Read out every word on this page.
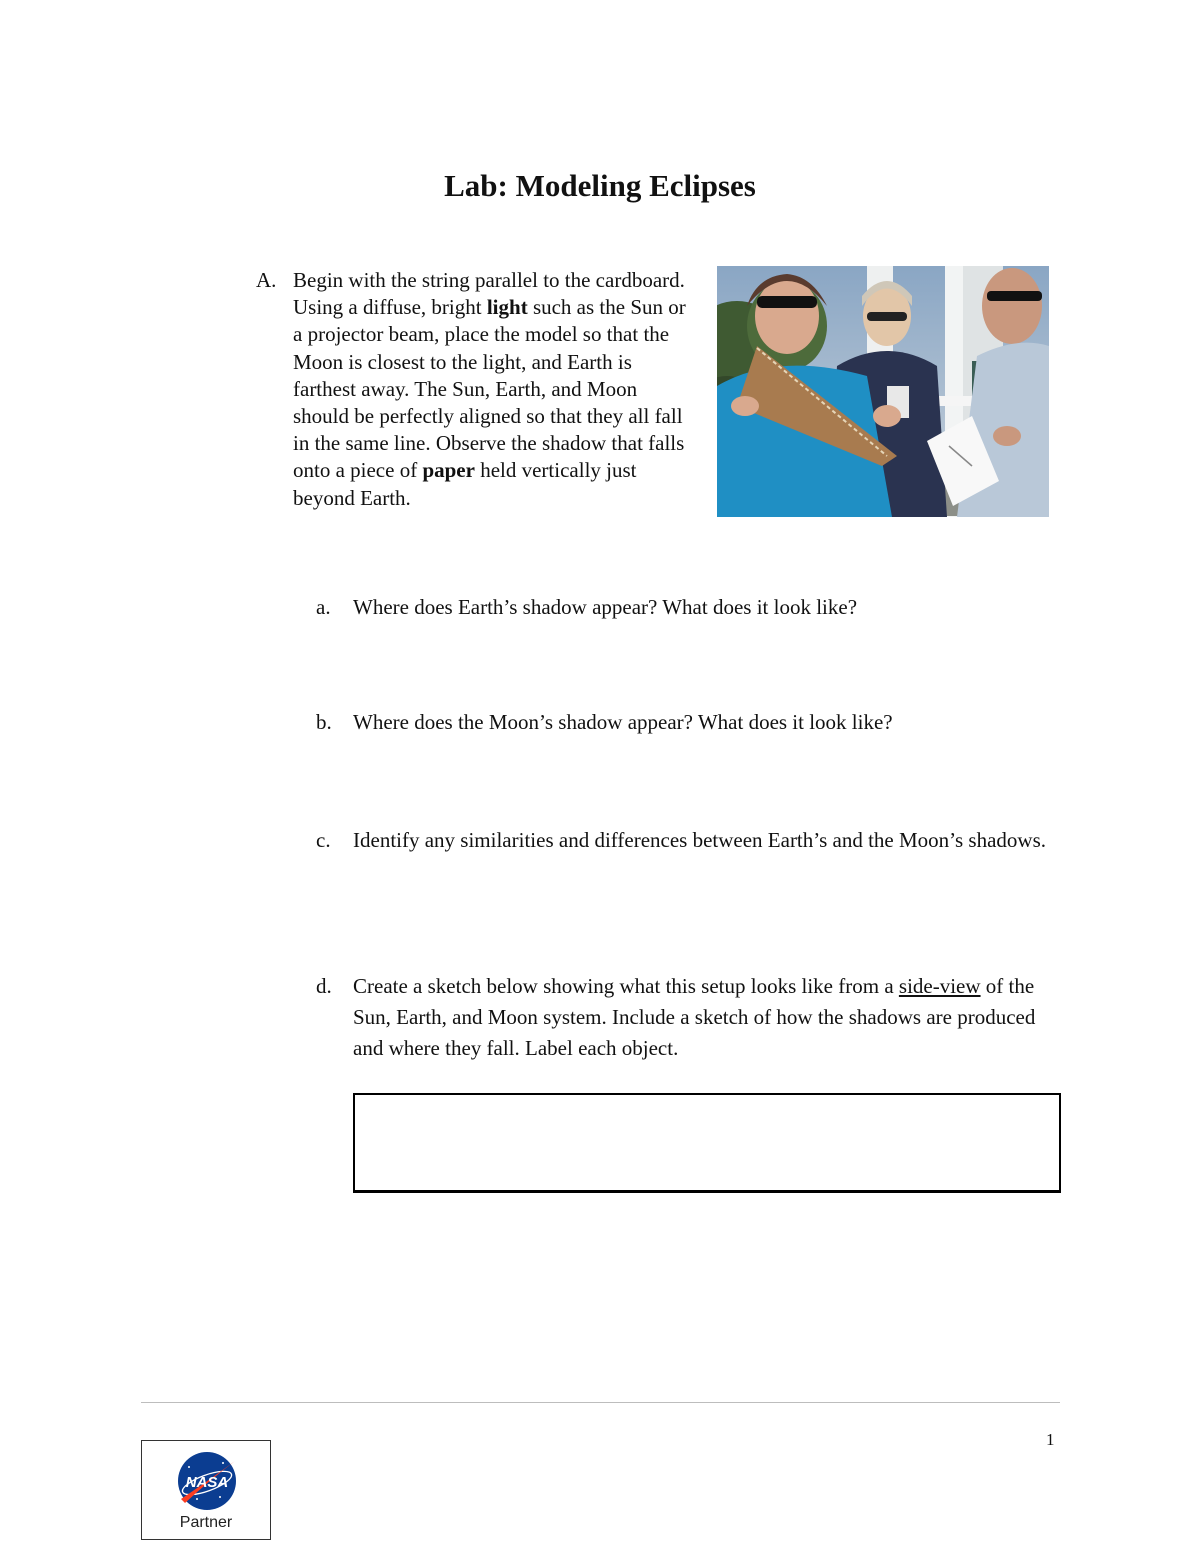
Lab: Modeling Eclipses
A. Begin with the string parallel to the cardboard. Using a diffuse, bright light such as the Sun or a projector beam, place the model so that the Moon is closest to the light, and Earth is farthest away. The Sun, Earth, and Moon should be perfectly aligned so that they all fall in the same line. Observe the shadow that falls onto a piece of paper held vertically just beyond Earth.
a. Where does Earth’s shadow appear? What does it look like?
b. Where does the Moon’s shadow appear? What does it look like?
c. Identify any similarities and differences between Earth’s and the Moon’s shadows.
d. Create a sketch below showing what this setup looks like from a side-view of the Sun, Earth, and Moon system. Include a sketch of how the shadows are produced and where they fall. Label each object.
1
NASA
Partner
